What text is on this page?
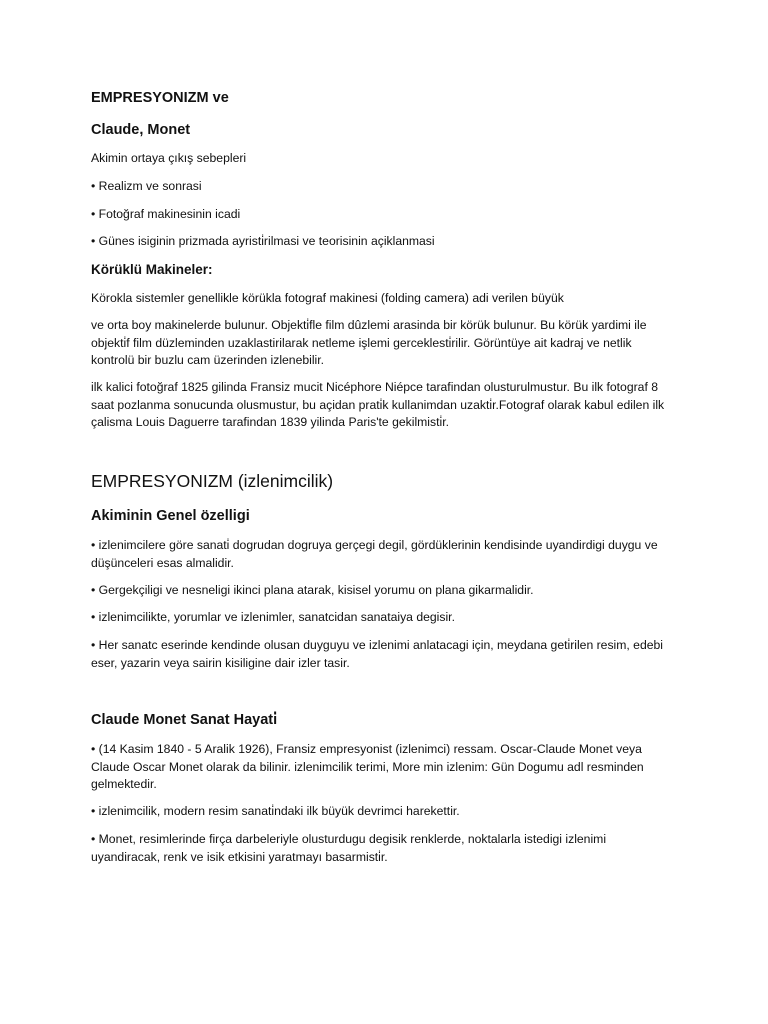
EMPRESYONIZM ve
Claude, Monet

Akimin ortaya çıkış sebepleri

• Realizm ve sonrasi

• Fotoğraf makinesinin icadi

• Günes isiginin prizmada ayristi̇rilmasi ve teorisinin açiklanmasi

Körüklü Makineler:

Körokla sistemler genellikle körükla fotograf makinesi (folding camera) adi verilen büyük

ve orta boy makinelerde bulunur. Objekti̇fle film dûzlemi arasinda bir körük bulunur. Bu körük yardimi ile objekti̇f film düzleminden uzaklastirilarak netleme işlemi gerceklesti̇rilir. Görüntüye ait kadraj ve netlik kontrolü bir buzlu cam üzerinden izlenebilir.

ilk kalici fotoğraf 1825 gilinda Fransiz mucit Nicéphore Niépce tarafindan olusturulmustur. Bu ilk fotograf 8 saat pozlanma sonucunda olusmustur, bu açidan prati̇k kullanimdan uzakti̇r.Fotograf olarak kabul edilen ilk çalisma Louis Daguerre tarafindan 1839 yilinda Paris'te gekilmisti̇r.

EMPRESYONIZM (izlenimcilik)
Akiminin Genel özelligi

• izlenimcilere göre sanati̇ dogrudan dogruya gerçegi degil, gördüklerinin kendisinde uyandirdigi duygu ve düşünceleri esas almalidir.

• Gergekçiligi ve nesneligi ikinci plana atarak, kisisel yorumu on plana gikarmalidir.

• izlenimcilikte, yorumlar ve izlenimler, sanatcidan sanataiya degisir.

• Her sanatc eserinde kendinde olusan duyguyu ve izlenimi anlatacagi için, meydana geti̇rilen resim, edebi eser, yazarin veya sairin kisiligine dair izler tasir.

Claude Monet Sanat Hayati̇

• (14 Kasim 1840 - 5 Aralik 1926), Fransiz empresyonist (izlenimci) ressam. Oscar-Claude Monet veya Claude Oscar Monet olarak da bilinir. izlenimcilik terimi, More min izlenim: Gün Dogumu adl resminden gelmektedir.

• izlenimcilik, modern resim sanati̇ndaki ilk büyük devrimci harekettir.

• Monet, resimlerinde firça darbeleriyle olusturdugu degisik renklerde, noktalarla istedigi izlenimi uyandiracak, renk ve isik etkisini yaratmayı basarmisti̇r.
